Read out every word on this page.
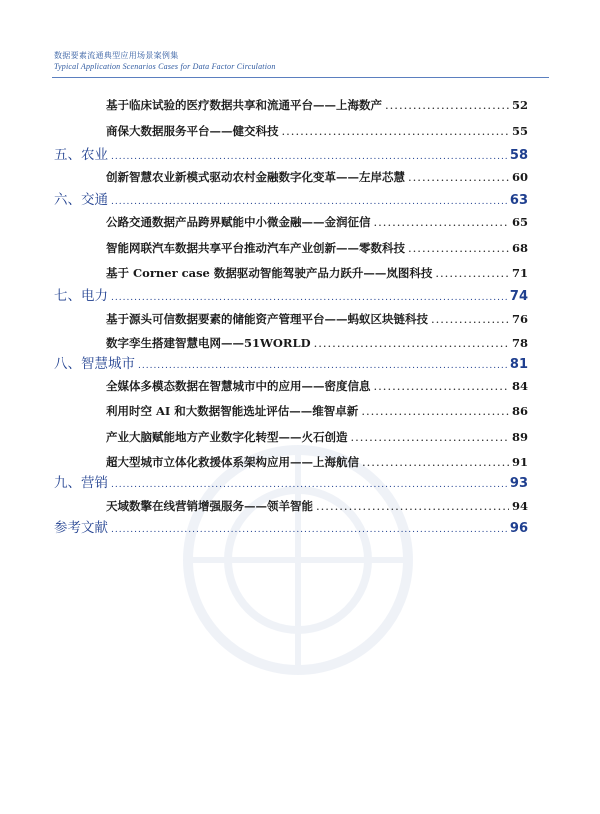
数据要素流通典型应用场景案例集
Typical Application Scenarios Cases for Data Factor Circulation
基于临床试验的医疗数据共享和流通平台——上海数产 .....	52
商保大数据服务平台——健交科技 .....	55
五、农业 .....	58
创新智慧农业新模式驱动农村金融数字化变革——左岸芯慧 .....	60
六、交通 .....	63
公路交通数据产品跨界赋能中小微金融——金润征信 .....	65
智能网联汽车数据共享平台推动汽车产业创新——零数科技 .....	68
基于 Corner case 数据驱动智能驾驶产品力跃升——岚图科技 .....	71
七、电力 .....	74
基于源头可信数据要素的储能资产管理平台——蚂蚁区块链科技 .....	76
数字孪生搭建智慧电网——51WORLD .....	78
八、智慧城市 .....	81
全媒体多模态数据在智慧城市中的应用——密度信息 .....	84
利用时空 AI 和大数据智能选址评估——维智卓新 .....	86
产业大脑赋能地方产业数字化转型——火石创造 .....	89
超大型城市立体化救援体系架构应用——上海航信 .....	91
九、营销 .....	93
天域数擎在线营销增强服务——领羊智能 .....	94
参考文献 .....	96
